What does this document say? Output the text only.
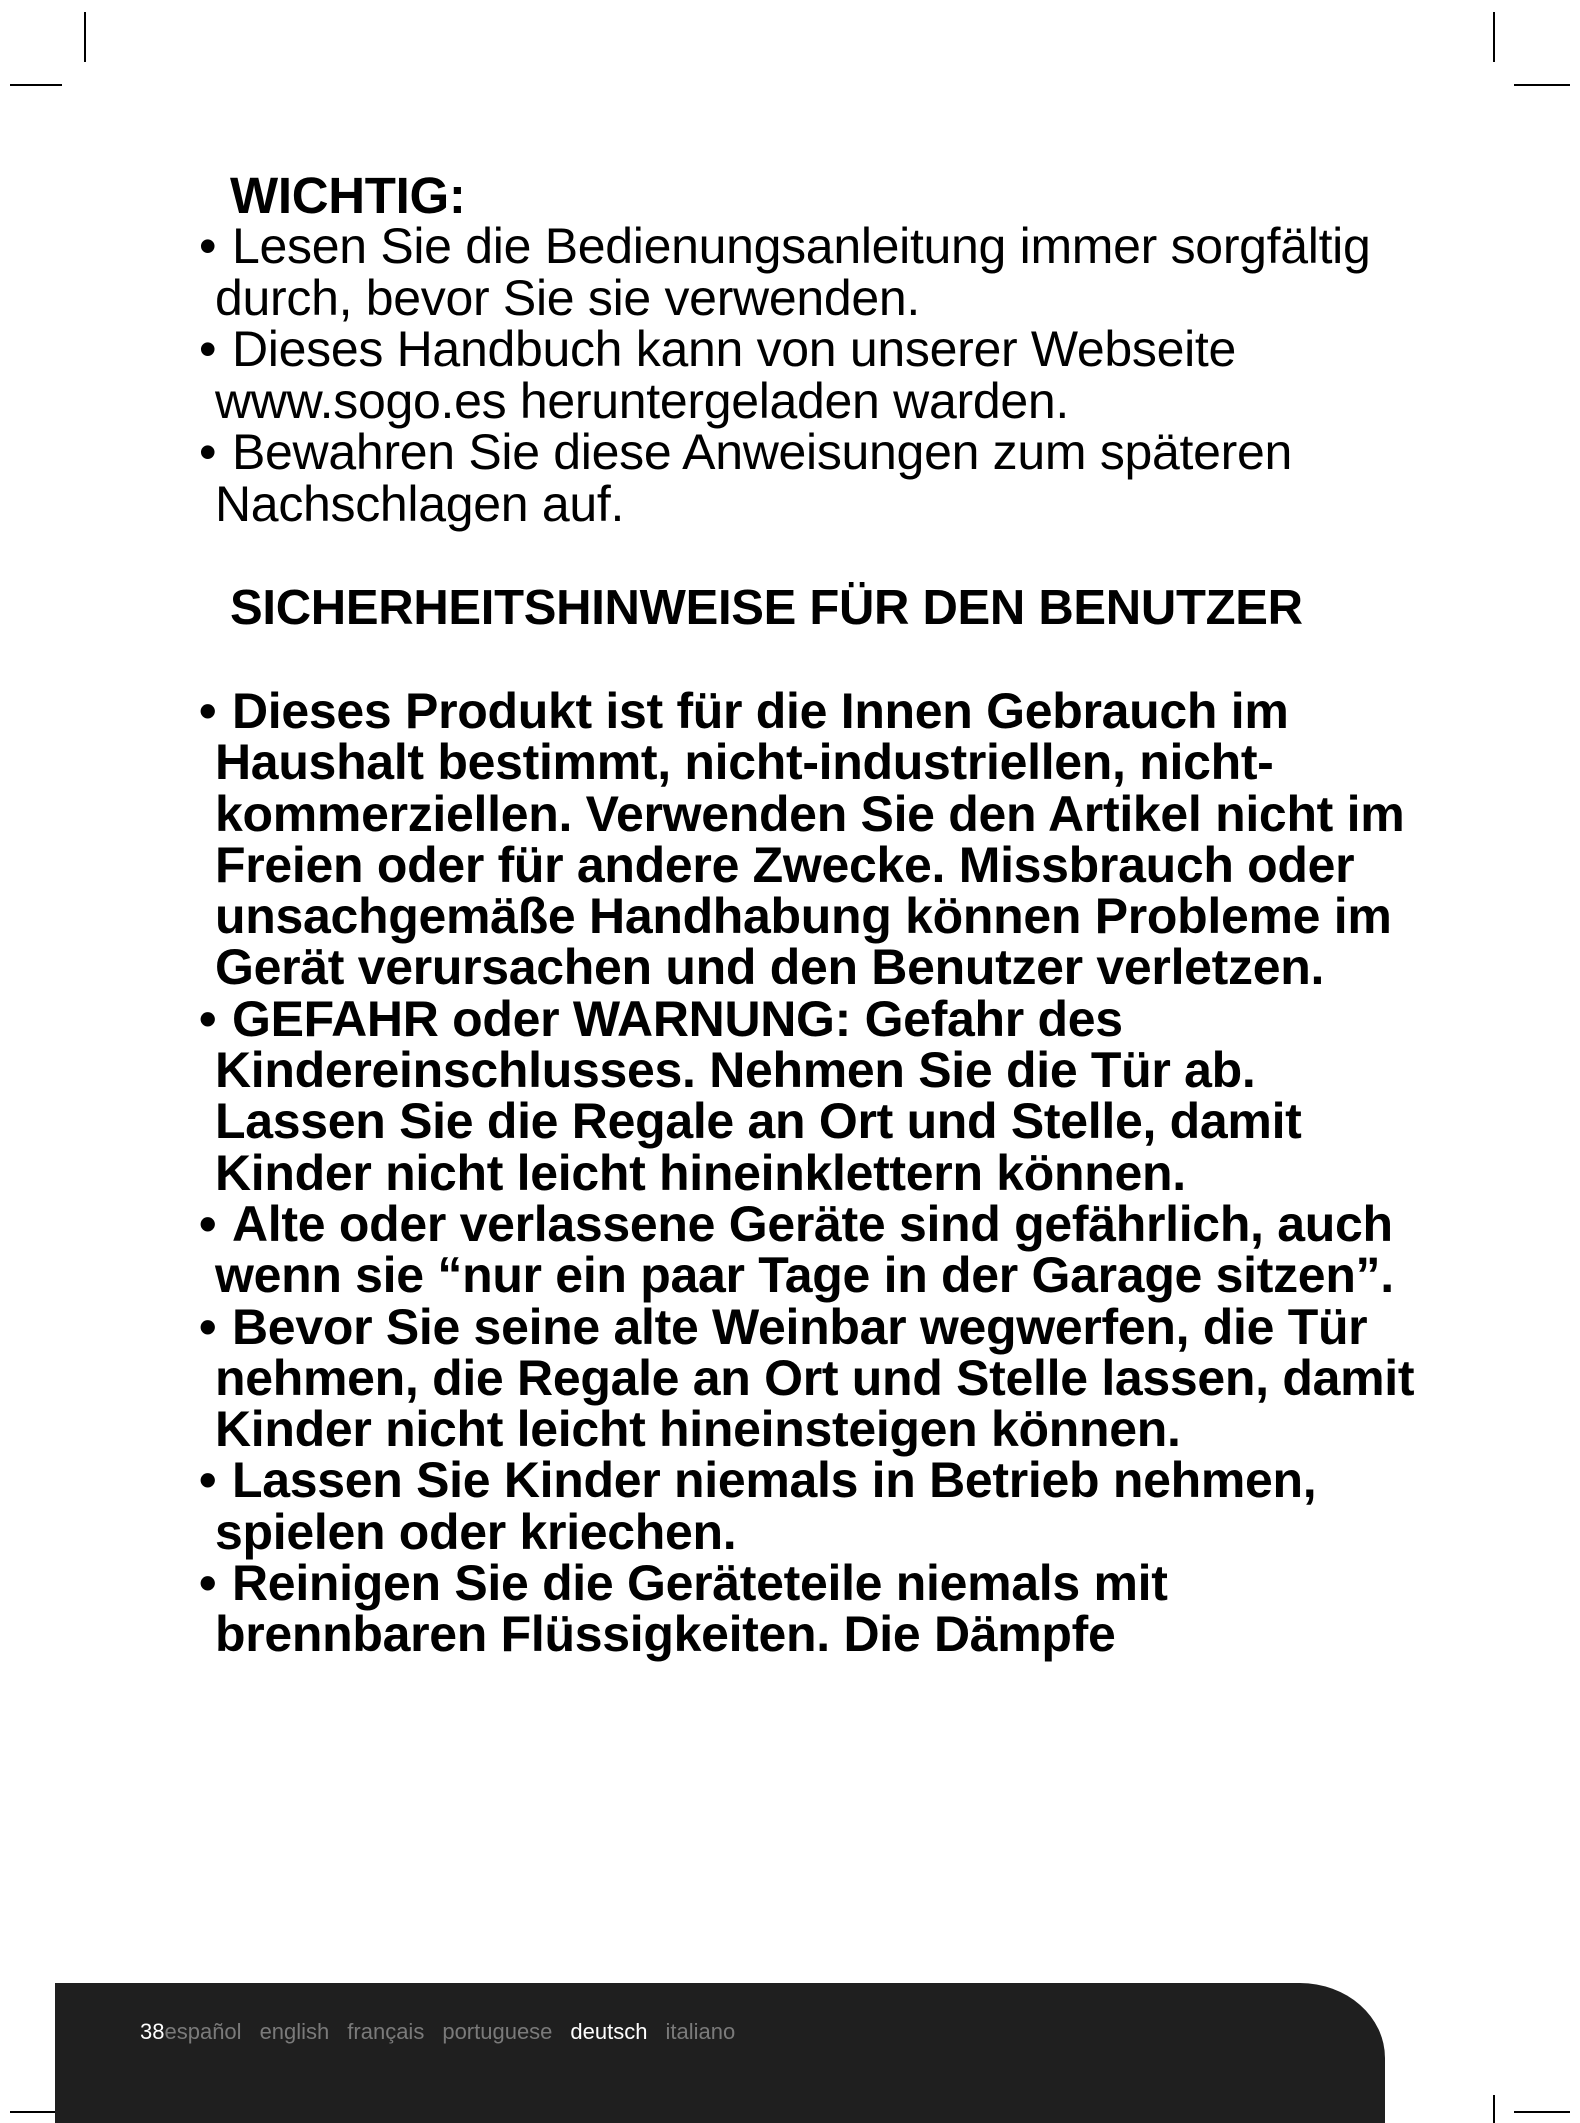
WICHTIG:
• Lesen Sie die Bedienungsanleitung immer sorgfältig durch, bevor Sie sie verwenden.
• Dieses Handbuch kann von unserer Webseite www.sogo.es heruntergeladen warden.
• Bewahren Sie diese Anweisungen zum späteren Nachschlagen auf.
SICHERHEITSHINWEISE FÜR DEN BENUTZER
• Dieses Produkt ist für die Innen Gebrauch im Haushalt bestimmt, nicht-industriellen, nicht-kommerziellen. Verwenden Sie den Artikel nicht im Freien oder für andere Zwecke. Missbrauch oder unsachgemäße Handhabung können Probleme im Gerät verursachen und den Benutzer verletzen.
• GEFAHR oder WARNUNG: Gefahr des Kindereinschlusses. Nehmen Sie die Tür ab. Lassen Sie die Regale an Ort und Stelle, damit Kinder nicht leicht hineinklettern können.
• Alte oder verlassene Geräte sind gefährlich, auch wenn sie “nur ein paar Tage in der Garage sitzen”.
• Bevor Sie seine alte Weinbar wegwerfen, die Tür nehmen, die Regale an Ort und Stelle lassen, damit Kinder nicht leicht hineinsteigen können.
• Lassen Sie Kinder niemals in Betrieb nehmen, spielen oder kriechen.
• Reinigen Sie die Geräteteile niemals mit brennbaren Flüssigkeiten. Die Dämpfe
38español english français portuguese deutsch italiano
